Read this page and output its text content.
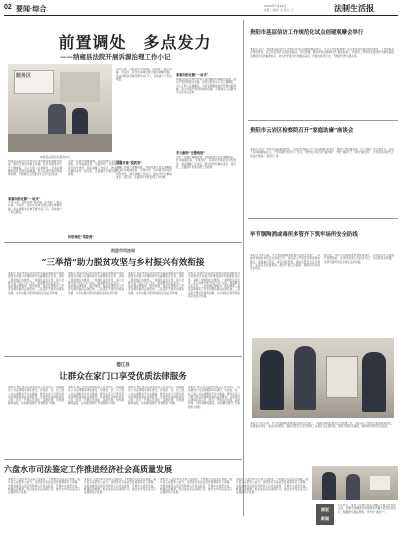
02 要闻·综合	2024年1月24日
星期三 编辑：张 版式：王	法制生活报
前置调处　多点发力
——纳雍县法院开展诉源治理工作小记
服务区
纳雍县法院诉讼服务中心
纳雍县法院坚持把非诉讼纠纷解决机制挺在前面，推动矛盾纠纷源头化解，在诉讼服务中心设立调解室，引入专职人民调解员，对适宜调解的案件开展诉前调解，努力实现矛盾纠纷就地化解，不断满足人民群众多元化司法需求。
家事纠纷化解“一站式”
今年以来，该院坚持“抓前端、治未病”，联合乡镇、司法所、派出所等单位建立联动调解机制，将法律服务延伸至群众家门口，有效减少了诉讼增量。
为进一步提升调解成效，该院组建专业化调解团队，针对婚姻家庭、邻里纠纷、民间借贷等常见纠纷类型，制定调解工作指引，推动纠纷化解标准化、规范化，全面提升诉源治理工作质效。
纠纷调处“零距离”
今年以来，该院坚持“抓前端、治未病”，联合乡镇、司法所、派出所等单位建立联动调解机制，将法律服务延伸至群众家门口，有效减少了诉讼增量。
诉调对接“提质效”
为进一步提升调解成效，该院组建专业化调解团队，针对婚姻家庭、邻里纠纷、民间借贷等常见纠纷类型，制定调解工作指引，推动纠纷化解标准化、规范化，全面提升诉源治理工作质效。
家事纠纷化解“一站式”
纳雍县法院坚持把非诉讼纠纷解决机制挺在前面，推动矛盾纠纷源头化解，在诉讼服务中心设立调解室，引入专职人民调解员，对适宜调解的案件开展诉前调解，努力实现矛盾纠纷就地化解，不断满足人民群众多元化司法需求。
多元解纷“无缝衔接”
为进一步提升调解成效，该院组建专业化调解团队，针对婚姻家庭、邻里纠纷、民间借贷等常见纠纷类型，制定调解工作指引，推动纠纷化解标准化、规范化，全面提升诉源治理工作质效。
贵阳市基层信访工作规范化试点创建观摩会举行
本报讯 近日，贵阳市基层信访工作规范化试点创建观摩会举行。与会人员实地观摩了试点单位信访接待场所建设、工作流程及台账资料等，并召开座谈会交流经验做法。会议强调，要坚持和发展新时代“枫桥经验”，把信访工作规范化建设作为推动基层治理现代化的重要抓手，切实把矛盾纠纷化解在基层、化解在萌芽状态，不断提升群众满意度。
贵阳市云岩区检察院召开“家庭助廉”座谈会
本报讯 为进一步筑牢家庭廉洁防线，云岩区检察院召开“家庭助廉”座谈会，邀请干警家属参加。会上观看了警示教育片，宣读了家庭助廉倡议书，干警家属代表进行了发言，纷纷表示将当好“廉内助”，守好“廉洁门”，吹好“廉洁风”，共同营造风清气正的良好氛围。（通讯员 刘）
毕节钢陶洒或毒所多管齐下筑牢场所安全防线
本报讯 今年以来，毕节市强制隔离戒毒所坚持安全第一，多措并举抓好场所安全管理工作。该所深入开展安全隐患排查整治，加强重点部位、重点时段管控，强化民警安全意识教育，完善应急处置预案，组织开展应急演练，确保场所持续安全稳定。
据介绍，该所还积极推进智慧戒毒建设，运用信息化手段提升管理效能，实现对戒毒人员的全方位、全时段动态管理，持续巩固场所安全稳定良好局面。
本报讯 今年以来，毕节市强制隔离戒毒所坚持安全第一，多措并举抓好场所安全管理工作。该所深入开展安全隐患排查整治，加强重点部位、重点时段管控，强化民警安全意识教育，完善应急处置预案，组织开展应急演练，确保场所持续安全稳定。
凯里市司法局
“三举措”助力脱贫攻坚与乡村振兴有效衔接
本报讯 凯里市司法局坚持把巩固拓展脱贫攻坚成果同乡村振兴有效衔接作为重要政治任务，采取三项举措扎实推进。一是强化法治宣传，深入村寨开展“送法下乡”活动，提高群众法治意识；二是加强法律服务，组织律师、基层法律服务工作者为群众提供法律咨询；三是深化矛盾纠纷排查化解，为乡村振兴营造和谐稳定的社会环境。
本报讯 凯里市司法局坚持把巩固拓展脱贫攻坚成果同乡村振兴有效衔接作为重要政治任务，采取三项举措扎实推进。一是强化法治宣传，深入村寨开展“送法下乡”活动，提高群众法治意识；二是加强法律服务，组织律师、基层法律服务工作者为群众提供法律咨询；三是深化矛盾纠纷排查化解，为乡村振兴营造和谐稳定的社会环境。
本报讯 凯里市司法局坚持把巩固拓展脱贫攻坚成果同乡村振兴有效衔接作为重要政治任务，采取三项举措扎实推进。一是强化法治宣传，深入村寨开展“送法下乡”活动，提高群众法治意识；二是加强法律服务，组织律师、基层法律服务工作者为群众提供法律咨询；三是深化矛盾纠纷排查化解，为乡村振兴营造和谐稳定的社会环境。
本报讯 凯里市司法局坚持把巩固拓展脱贫攻坚成果同乡村振兴有效衔接作为重要政治任务，采取三项举措扎实推进。一是强化法治宣传，深入村寨开展“送法下乡”活动，提高群众法治意识；二是加强法律服务，组织律师、基层法律服务工作者为群众提供法律咨询；三是深化矛盾纠纷排查化解，为乡村振兴营造和谐稳定的社会环境。
德江县
让群众在家门口享受优质法律服务
本报讯 德江县司法局坚持以人民为中心，持续推进公共法律服务体系建设，实现县、乡、村三级公共法律服务平台全覆盖，群众在家门口即可享受到便捷高效的法律服务。该局组织法律顾问深入村（社区）开展法治讲座、法律咨询、纠纷调解等服务，切实解决群众“急难愁盼”问题。
本报讯 德江县司法局坚持以人民为中心，持续推进公共法律服务体系建设，实现县、乡、村三级公共法律服务平台全覆盖，群众在家门口即可享受到便捷高效的法律服务。该局组织法律顾问深入村（社区）开展法治讲座、法律咨询、纠纷调解等服务，切实解决群众“急难愁盼”问题。
本报讯 德江县司法局坚持以人民为中心，持续推进公共法律服务体系建设，实现县、乡、村三级公共法律服务平台全覆盖，群众在家门口即可享受到便捷高效的法律服务。该局组织法律顾问深入村（社区）开展法治讲座、法律咨询、纠纷调解等服务，切实解决群众“急难愁盼”问题。
本报讯 德江县司法局坚持以人民为中心，持续推进公共法律服务体系建设，实现县、乡、村三级公共法律服务平台全覆盖，群众在家门口即可享受到便捷高效的法律服务。该局组织法律顾问深入村（社区）开展法治讲座、法律咨询、纠纷调解等服务，切实解决群众“急难愁盼”问题。
六盘水市司法鉴定工作推进经济社会高质量发展
本报讯 六盘水市司法局立足职能，不断规范司法鉴定管理，提升鉴定质量和公信力，为经济社会高质量发展提供有力保障。该局加强司法鉴定机构和人员执业监管，开展执业质量评查，畅通投诉渠道，依法查处违法违规行为，推动全市司法鉴定行业健康有序发展。
本报讯 六盘水市司法局立足职能，不断规范司法鉴定管理，提升鉴定质量和公信力，为经济社会高质量发展提供有力保障。该局加强司法鉴定机构和人员执业监管，开展执业质量评查，畅通投诉渠道，依法查处违法违规行为，推动全市司法鉴定行业健康有序发展。
本报讯 六盘水市司法局立足职能，不断规范司法鉴定管理，提升鉴定质量和公信力，为经济社会高质量发展提供有力保障。该局加强司法鉴定机构和人员执业监管，开展执业质量评查，畅通投诉渠道，依法查处违法违规行为，推动全市司法鉴定行业健康有序发展。
本报讯 六盘水市司法局立足职能，不断规范司法鉴定管理，提升鉴定质量和公信力，为经济社会高质量发展提供有力保障。该局加强司法鉴定机构和人员执业监管，开展执业质量评查，畅通投诉渠道，依法查处违法违规行为，推动全市司法鉴定行业健康有序发展。
图说
新闻
1月22日，某县公安局民警走进辖区开展反诈宣传活动，向群众讲解常见电信网络诈骗手段及防范技巧，提醒群众提高警惕，守护好“钱袋子”。
